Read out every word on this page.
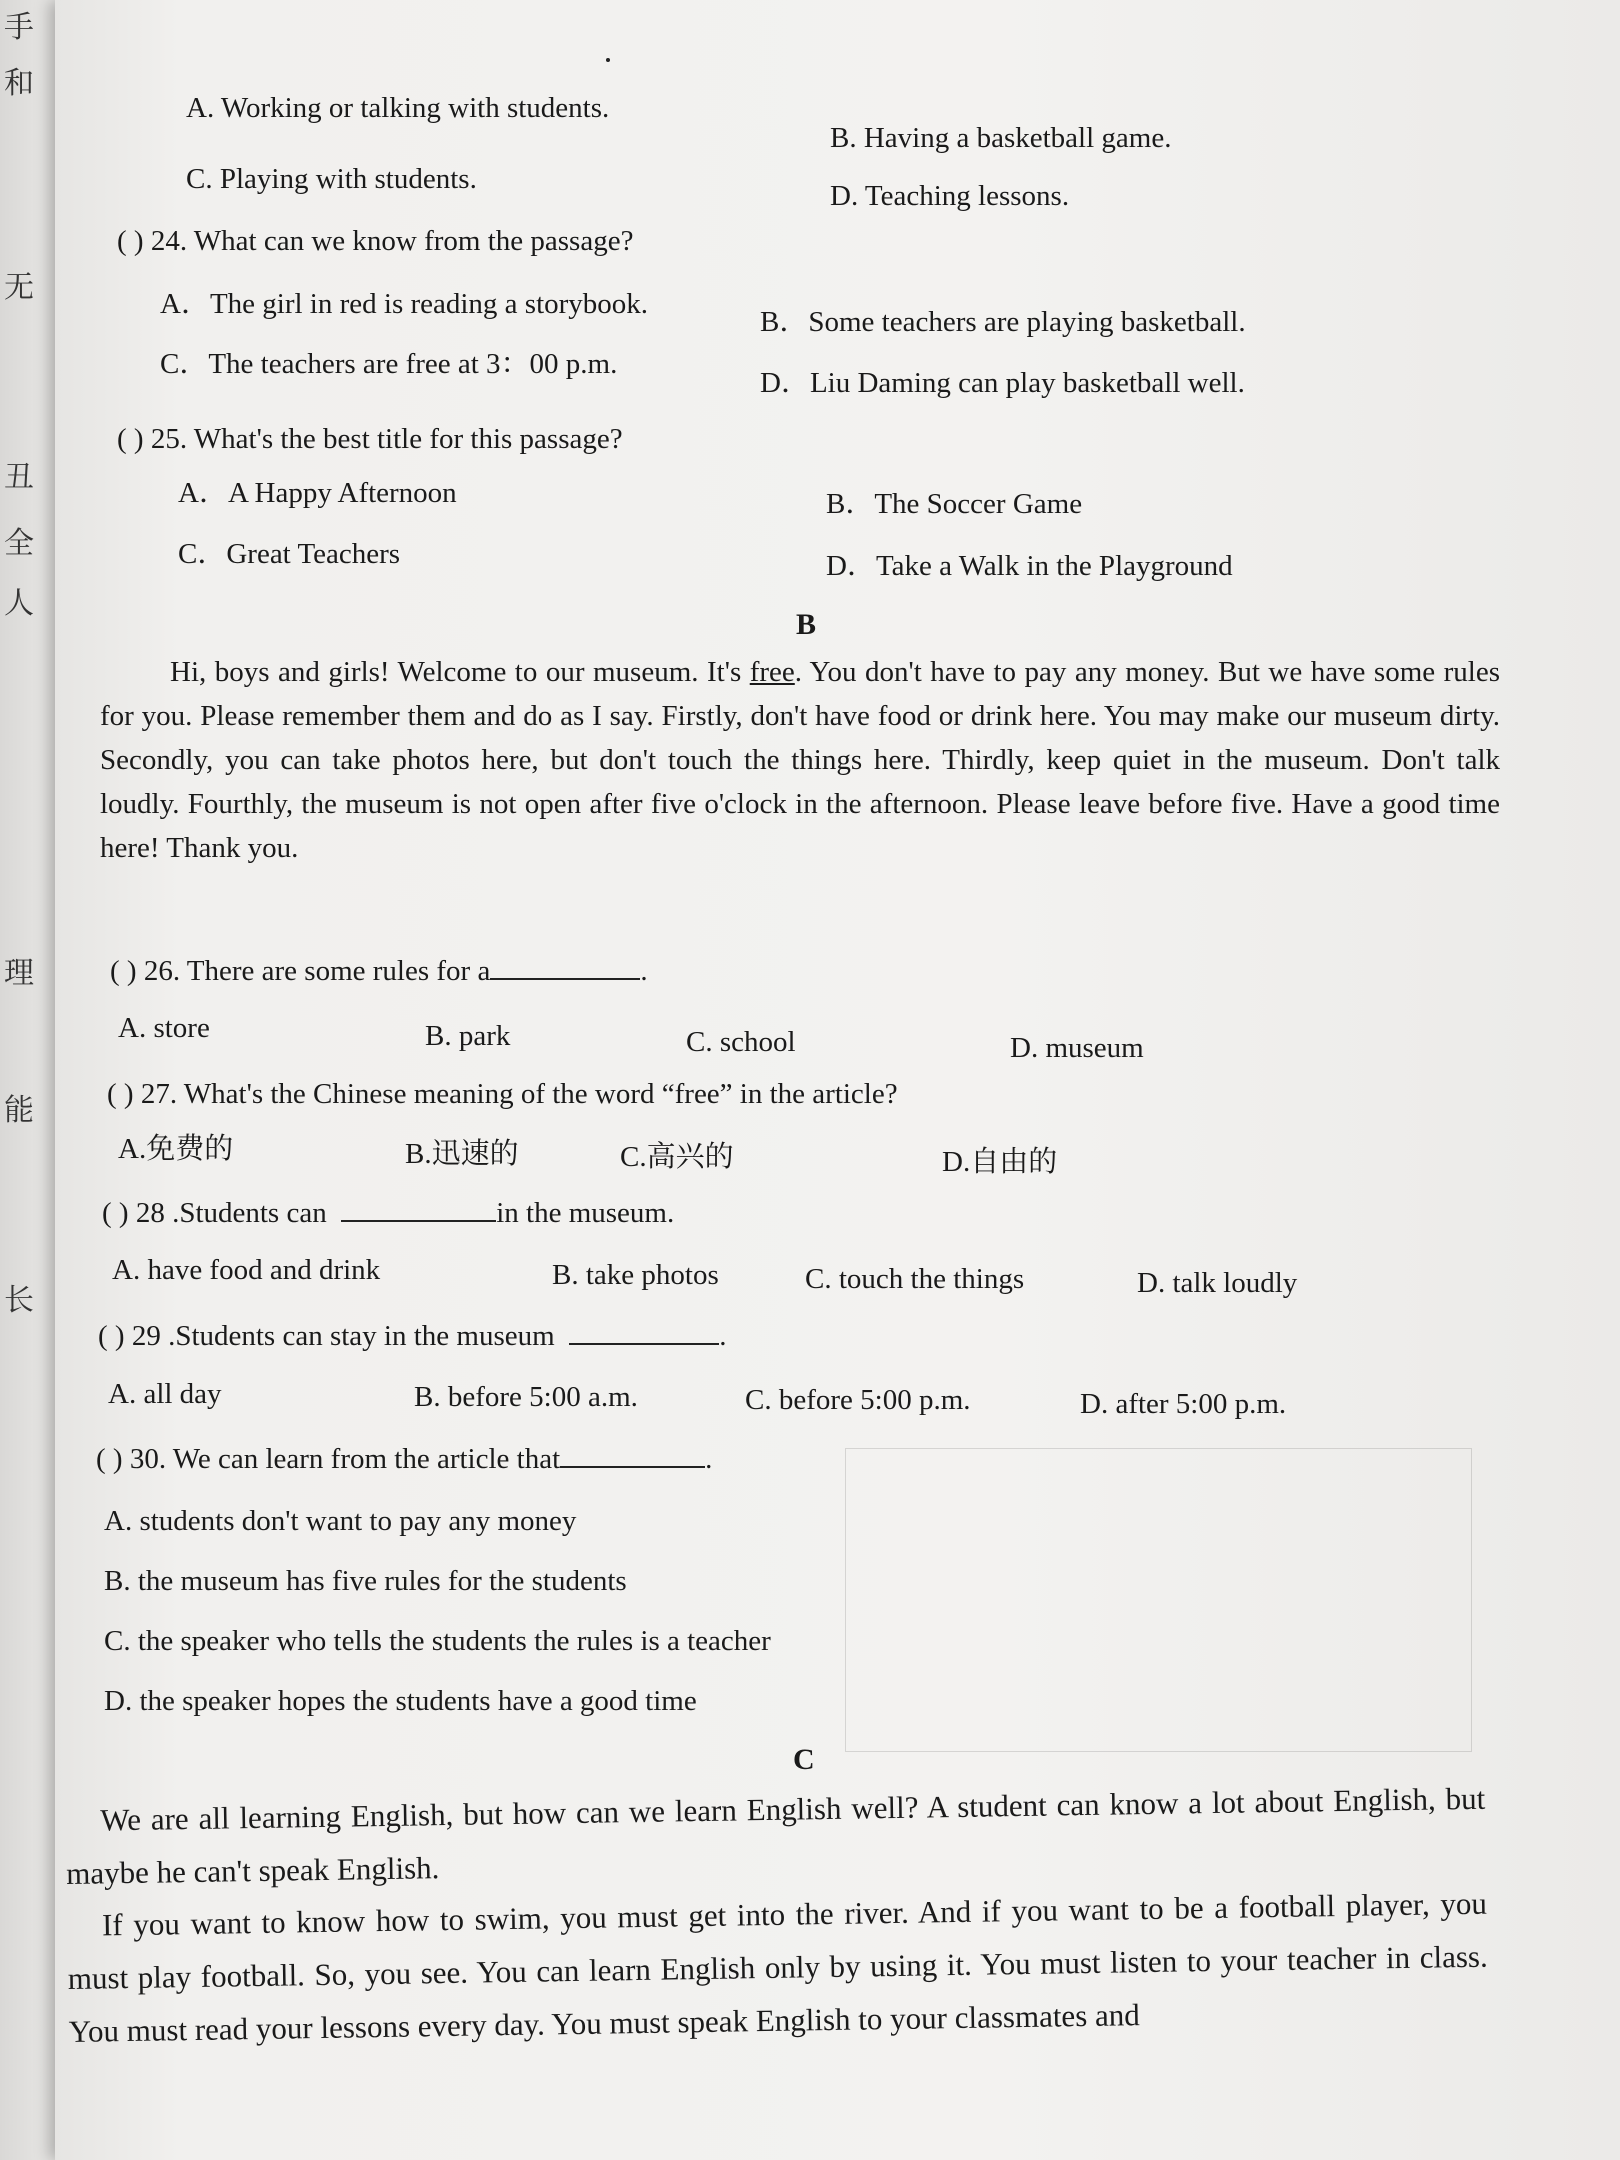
手
和
无
丑
全
人
理
能
长
A. Working or talking with students.
B. Having a basketball game.
C. Playing with students.
D. Teaching lessons.
( ) 24. What can we know from the passage?
A．The girl in red is reading a storybook.
B．Some teachers are playing basketball.
C．The teachers are free at 3：00 p.m.
D．Liu Daming can play basketball well.
( ) 25. What's the best title for this passage?
A．A Happy Afternoon	B．The Soccer Game
C．Great Teachers	D．Take a Walk in the Playground
B
Hi, boys and girls! Welcome to our museum. It's free. You don't have to pay any money. But we have some rules for you. Please remember them and do as I say. Firstly, don't have food or drink here. You may make our museum dirty. Secondly, you can take photos here, but don't touch the things here. Thirdly, keep quiet in the museum. Don't talk loudly. Fourthly, the museum is not open after five o'clock in the afternoon. Please leave before five. Have a good time here! Thank you.
( ) 26. There are some rules for a	.
A. store	B. park	C. school	D. museum
( ) 27. What's the Chinese meaning of the word “free” in the article?
A.免费的	B.迅速的	C.高兴的	D.自由的
( ) 28 .Students can	in the museum.
A. have food and drink	B. take photos	C. touch the things	D. talk loudly
( ) 29 .Students can stay in the museum	.
A. all day	B. before 5:00 a.m.	C. before 5:00 p.m.	D. after 5:00 p.m.
( ) 30. We can learn from the article that	.
A. students don't want to pay any money
B. the museum has five rules for the students
C. the speaker who tells the students the rules is a teacher
D. the speaker hopes the students have a good time
C
We are all learning English, but how can we learn English well? A student can know a lot about English, but maybe he can't speak English.
If you want to know how to swim, you must get into the river. And if you want to be a football player, you must play football. So, you see. You can learn English only by using it. You must listen to your teacher in class. You must read your lessons every day. You must speak English to your classmates and
